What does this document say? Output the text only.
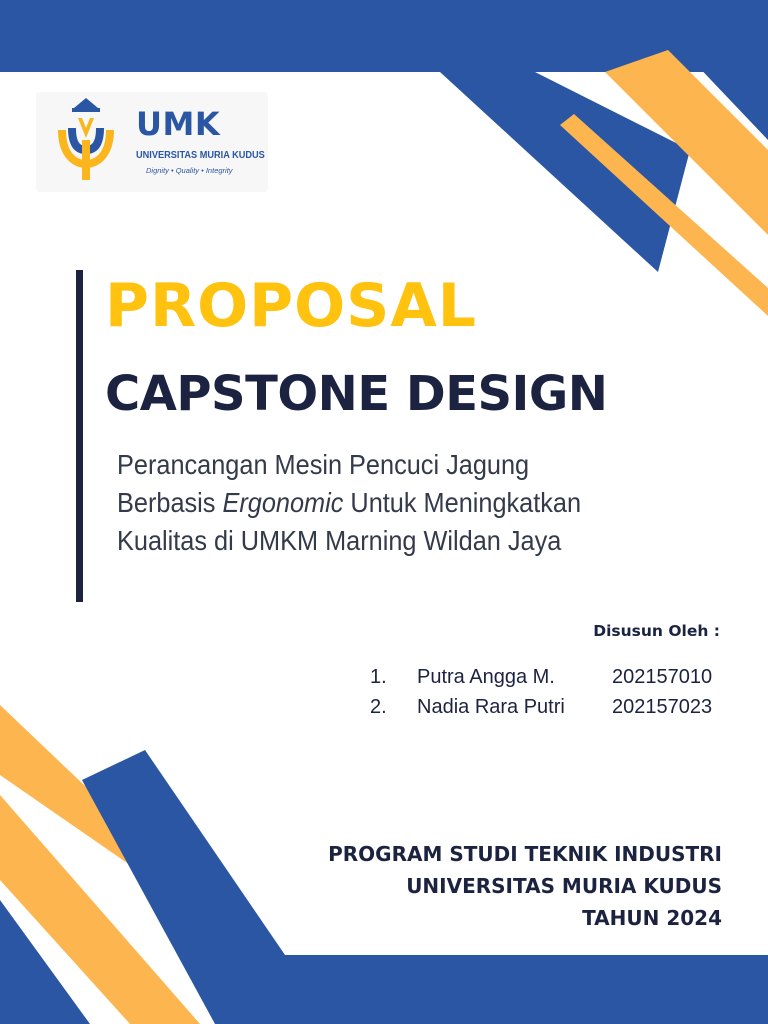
UMK
UNIVERSITAS MURIA KUDUS
Dignity • Quality • Integrity
PROPOSAL
CAPSTONE DESIGN
Perancangan Mesin Pencuci Jagung
Berbasis Ergonomic Untuk Meningkatkan
Kualitas di UMKM Marning Wildan Jaya
Disusun Oleh :
1. Putra Angga M.	202157010
2. Nadia Rara Putri 202157023
PROGRAM STUDI TEKNIK INDUSTRI
UNIVERSITAS MURIA KUDUS
TAHUN 2024
